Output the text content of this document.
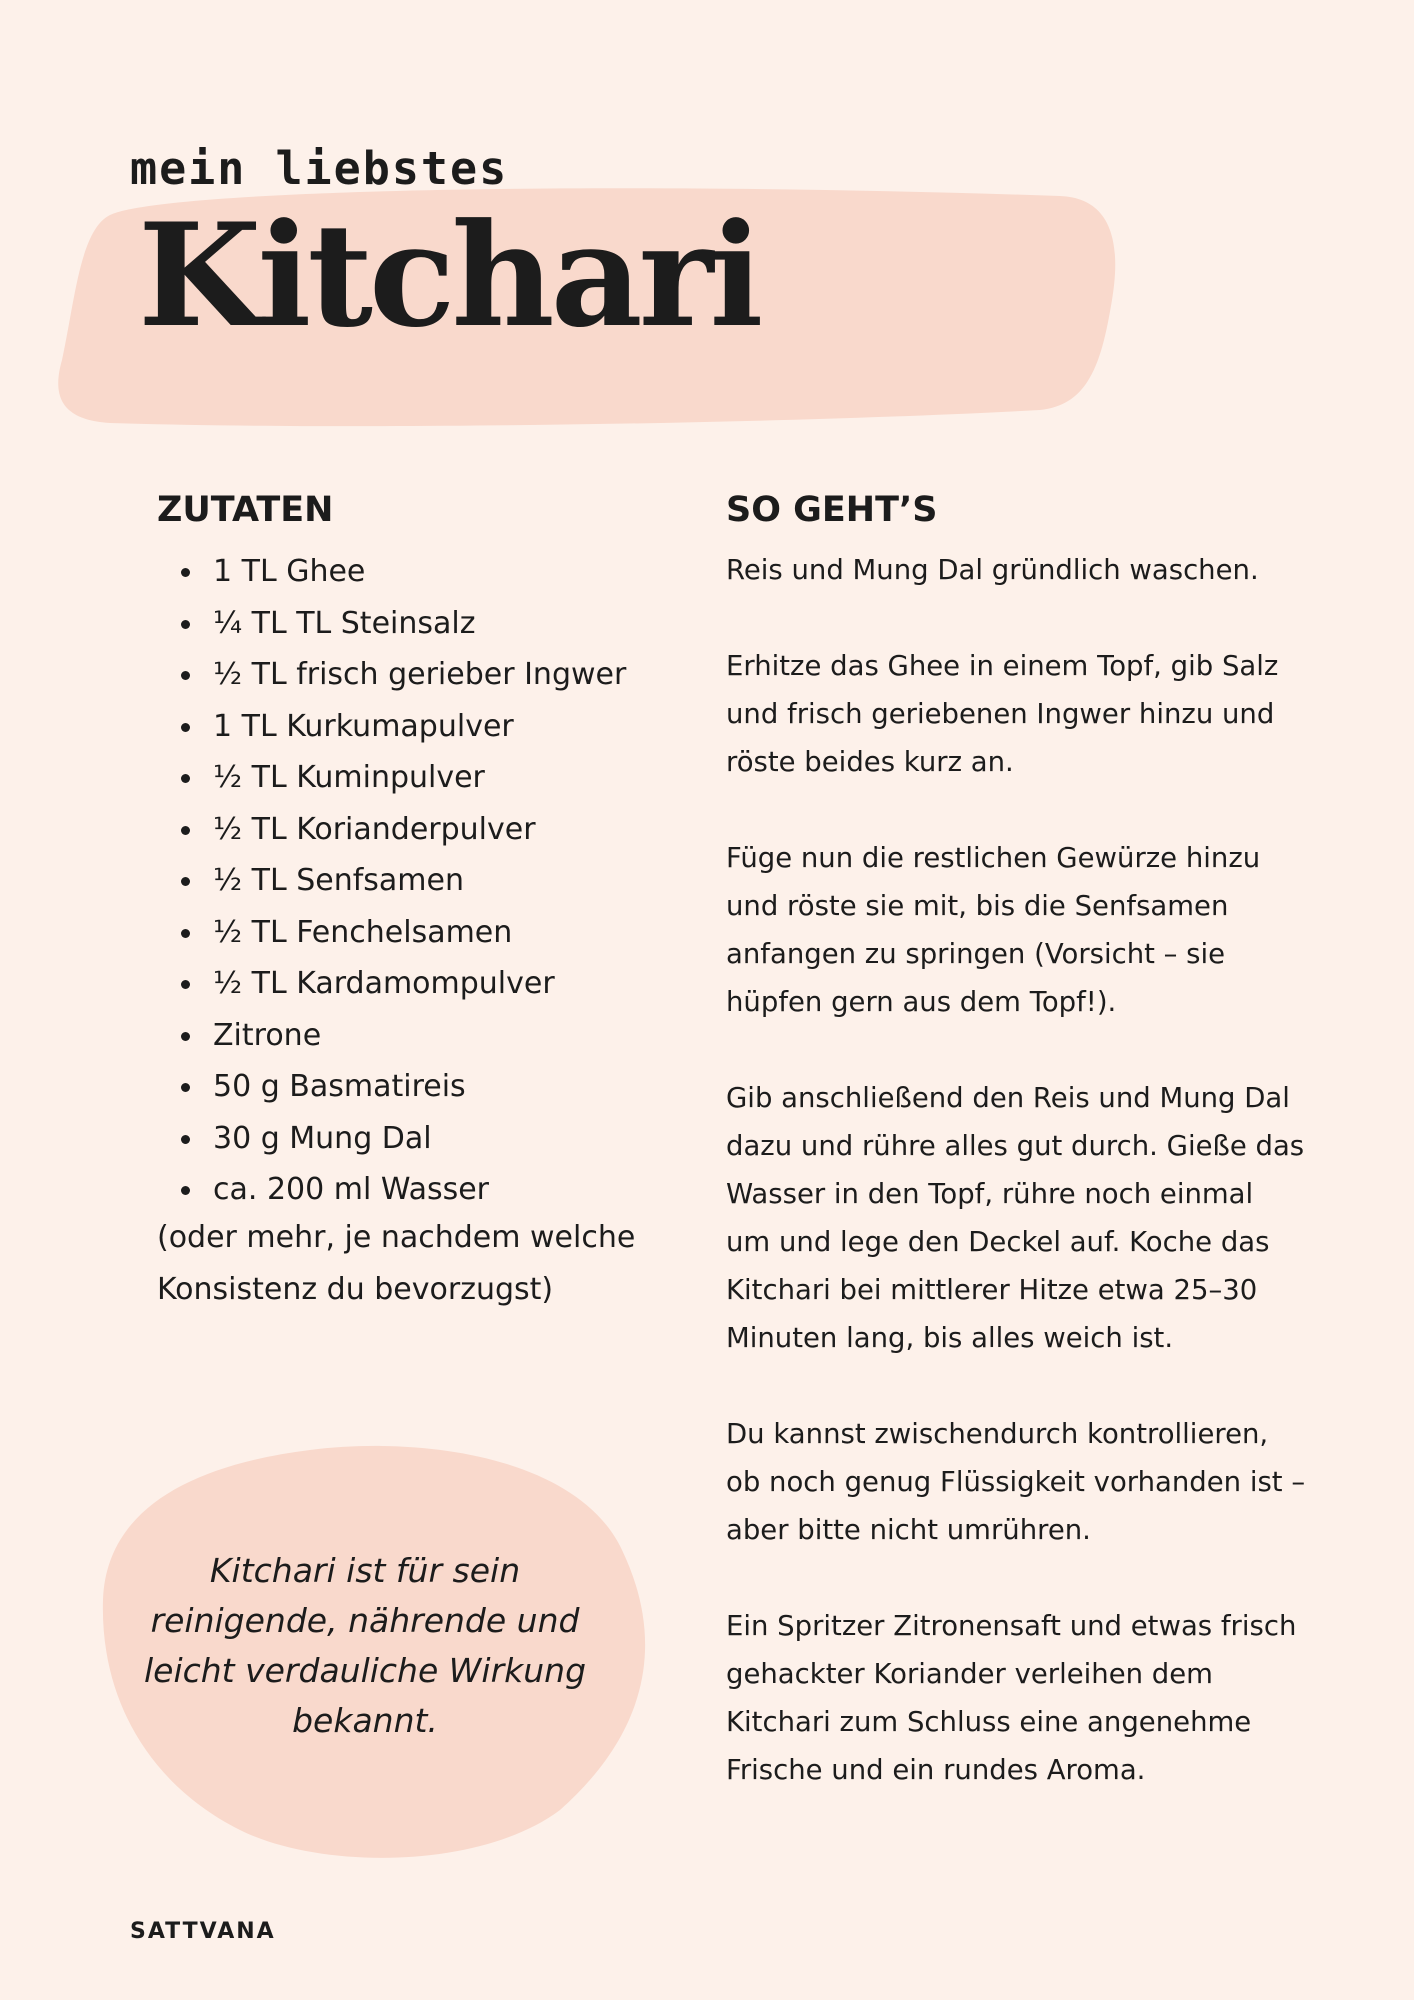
mein liebstes

Kitchari
ZUTATEN
1 TL Ghee
¼ TL TL Steinsalz
½ TL frisch gerieber Ingwer
1 TL Kurkumapulver
½ TL Kuminpulver
½ TL Korianderpulver
½ TL Senfsamen
½ TL Fenchelsamen
½ TL Kardamompulver
Zitrone
50 g Basmatireis
30 g Mung Dal
ca. 200 ml Wasser

(oder mehr, je nachdem welche Konsistenz du bevorzugst)

SO GEHT’S

Reis und Mung Dal gründlich waschen.

Erhitze das Ghee in einem Topf, gib Salz und frisch geriebenen Ingwer hinzu und röste beides kurz an.

Füge nun die restlichen Gewürze hinzu und röste sie mit, bis die Senfsamen anfangen zu springen (Vorsicht – sie hüpfen gern aus dem Topf!).

Gib anschließend den Reis und Mung Dal dazu und rühre alles gut durch. Gieße das Wasser in den Topf, rühre noch einmal um und lege den Deckel auf. Koche das Kitchari bei mittlerer Hitze etwa 25–30 Minuten lang, bis alles weich ist.

Du kannst zwischendurch kontrollieren, ob noch genug Flüssigkeit vorhanden ist – aber bitte nicht umrühren.

Ein Spritzer Zitronensaft und etwas frisch gehackter Koriander verleihen dem Kitchari zum Schluss eine angenehme Frische und ein rundes Aroma.

Kitchari ist für sein reinigende, nährende und leicht verdauliche Wirkung bekannt.

SATTVANA
